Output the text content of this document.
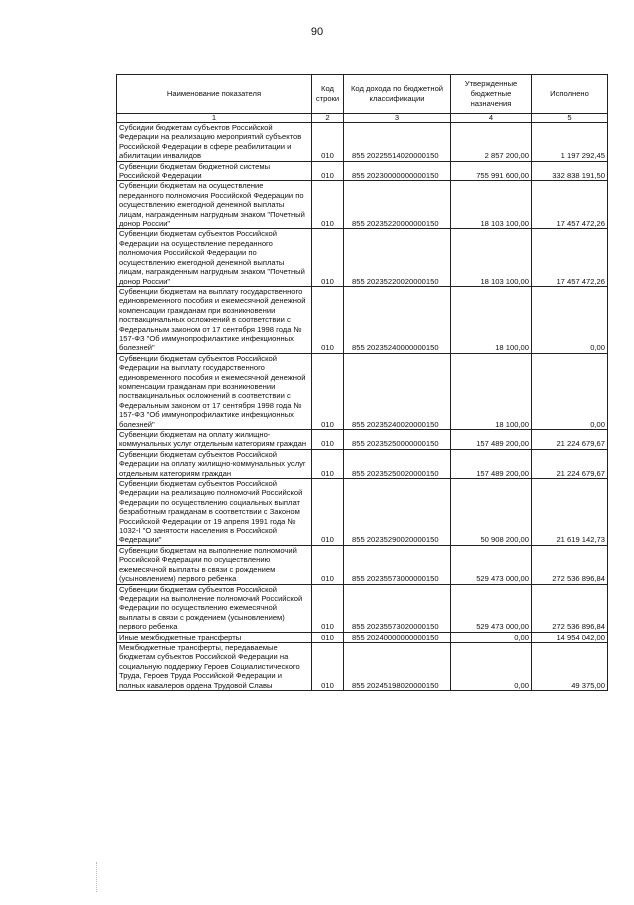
90
Наименование показателя	Код строки	Код дохода по бюджетной классификации	Утвержденные бюджетные назначения	Исполнено
1	2	3	4	5
Субсидии бюджетам субъектов Российской Федерации на реализацию мероприятий субъектов Российской Федерации в сфере реабилитации и абилитации инвалидов	010	855 20225514020000150	2 857 200,00	1 197 292,45
Субвенции бюджетам бюджетной системы Российской Федерации	010	855 20230000000000150	755 991 600,00	332 838 191,50
Субвенции бюджетам на осуществление переданного полномочия Российской Федерации по осуществлению ежегодной денежной выплаты лицам, награжденным нагрудным знаком "Почетный донор России"	010	855 20235220000000150	18 103 100,00	17 457 472,26
Субвенции бюджетам субъектов Российской Федерации на осуществление переданного полномочия Российской Федерации по осуществлению ежегодной денежной выплаты лицам, награжденным нагрудным знаком "Почетный донор России"	010	855 20235220020000150	18 103 100,00	17 457 472,26
Субвенции бюджетам на выплату государственного единовременного пособия и ежемесячной денежной компенсации гражданам при возникновении поствакцинальных осложнений в соответствии с Федеральным законом от 17 сентября 1998 года № 157-ФЗ "Об иммунопрофилактике инфекционных болезней"	010	855 20235240000000150	18 100,00	0,00
Субвенции бюджетам субъектов Российской Федерации на выплату государственного единовременного пособия и ежемесячной денежной компенсации гражданам при возникновении поствакцинальных осложнений в соответствии с Федеральным законом от 17 сентября 1998 года № 157-ФЗ "Об иммунопрофилактике инфекционных болезней"	010	855 20235240020000150	18 100,00	0,00
Субвенции бюджетам на оплату жилищно-коммунальных услуг отдельным категориям граждан	010	855 20235250000000150	157 489 200,00	21 224 679,67
Субвенции бюджетам субъектов Российской Федерации на оплату жилищно-коммунальных услуг отдельным категориям граждан	010	855 20235250020000150	157 489 200,00	21 224 679,67
Субвенции бюджетам субъектов Российской Федерации на реализацию полномочий Российской Федерации по осуществлению социальных выплат безработным гражданам в соответствии с Законом Российской Федерации от 19 апреля 1991 года № 1032-I "О занятости населения в Российской Федерации"	010	855 20235290020000150	50 908 200,00	21 619 142,73
Субвенции бюджетам на выполнение полномочий Российской Федерации по осуществлению ежемесячной выплаты в связи с рождением (усыновлением) первого ребенка	010	855 20235573000000150	529 473 000,00	272 536 896,84
Субвенции бюджетам субъектов Российской Федерации на выполнение полномочий Российской Федерации по осуществлению ежемесячной выплаты в связи с рождением (усыновлением) первого ребенка	010	855 20235573020000150	529 473 000,00	272 536 896,84
Иные межбюджетные трансферты	010	855 20240000000000150	0,00	14 954 042,00
Межбюджетные трансферты, передаваемые бюджетам субъектов Российской Федерации на социальную поддержку Героев Социалистического Труда, Героев Труда Российской Федерации и полных кавалеров ордена Трудовой Славы	010	855 20245198020000150	0,00	49 375,00
